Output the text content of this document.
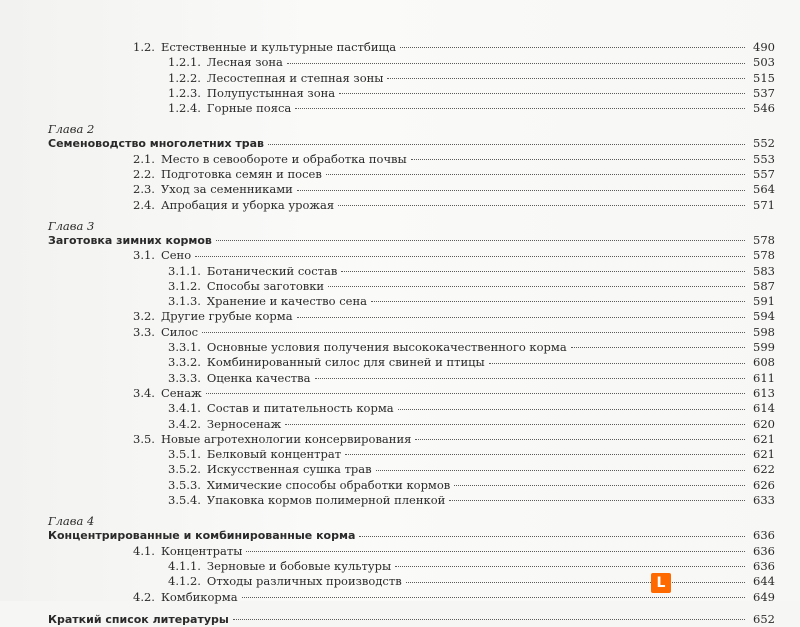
1.2. Естественные и культурные пастбища	490
1.2.1. Лесная зона	503
1.2.2. Лесостепная и степная зоны	515
1.2.3. Полупустынная зона	537
1.2.4. Горные пояса	546
Глава 2
Семеноводство многолетних трав	552
2.1. Место в севообороте и обработка почвы	553
2.2. Подготовка семян и посев	557
2.3. Уход за семенниками	564
2.4. Апробация и уборка урожая	571
Глава 3
Заготовка зимних кормов	578
3.1. Сено	578
3.1.1. Ботанический состав	583
3.1.2. Способы заготовки	587
3.1.3. Хранение и качество сена	591
3.2. Другие грубые корма	594
3.3. Силос	598
3.3.1. Основные условия получения высококачественного корма	599
3.3.2. Комбинированный силос для свиней и птицы	608
3.3.3. Оценка качества	611
3.4. Сенаж	613
3.4.1. Состав и питательность корма	614
3.4.2. Зерносенаж	620
3.5. Новые агротехнологии консервирования	621
3.5.1. Белковый концентрат	621
3.5.2. Искусственная сушка трав	622
3.5.3. Химические способы обработки кормов	626
3.5.4. Упаковка кормов полимерной пленкой	633
Глава 4
Концентрированные и комбинированные корма	636
4.1. Концентраты	636
4.1.1. Зерновые и бобовые культуры	636
4.1.2. Отходы различных производств	644
4.2. Комбикорма	649
Краткий список литературы	652
L
